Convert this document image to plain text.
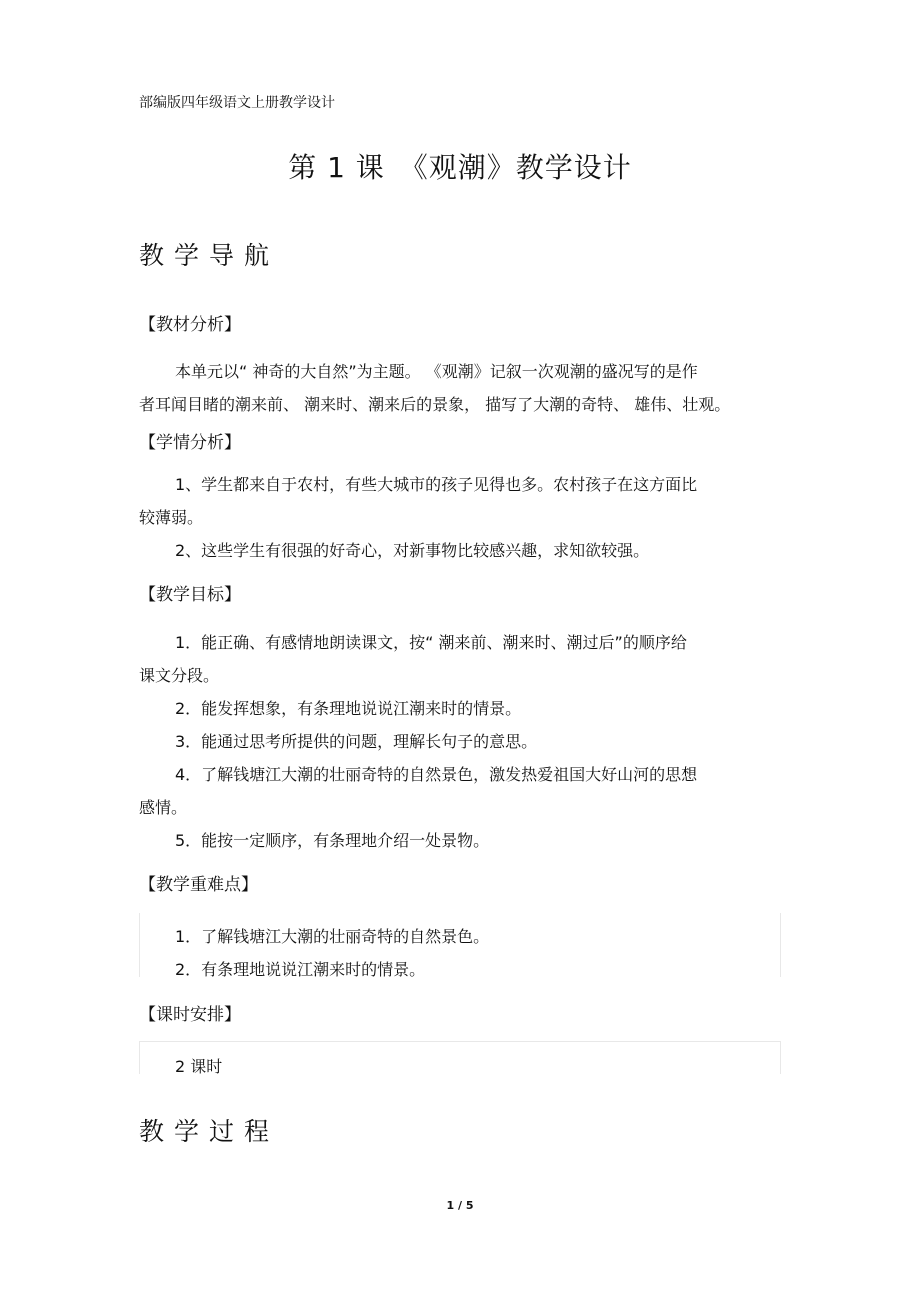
部编版四年级语文上册教学设计
第 1 课　《观潮》教学设计
教学导航
【教材分析】
本单元以“ 神奇的大自然”为主题。 《观潮》记叙一次观潮的盛况写的是作
者耳闻目睹的潮来前、 潮来时、潮来后的景象， 描写了大潮的奇特、 雄伟、壮观。
【学情分析】
1、学生都来自于农村，有些大城市的孩子见得也多。农村孩子在这方面比
较薄弱。
2、这些学生有很强的好奇心，对新事物比较感兴趣，求知欲较强。
【教学目标】
1．能正确、有感情地朗读课文，按“ 潮来前、潮来时、潮过后”的顺序给
课文分段。
2．能发挥想象，有条理地说说江潮来时的情景。
3．能通过思考所提供的问题，理解长句子的意思。
4．了解钱塘江大潮的壮丽奇特的自然景色，激发热爱祖国大好山河的思想
感情。
5．能按一定顺序，有条理地介绍一处景物。
【教学重难点】
1．了解钱塘江大潮的壮丽奇特的自然景色。
2．有条理地说说江潮来时的情景。
【课时安排】
2 课时
教学过程
1 / 5
